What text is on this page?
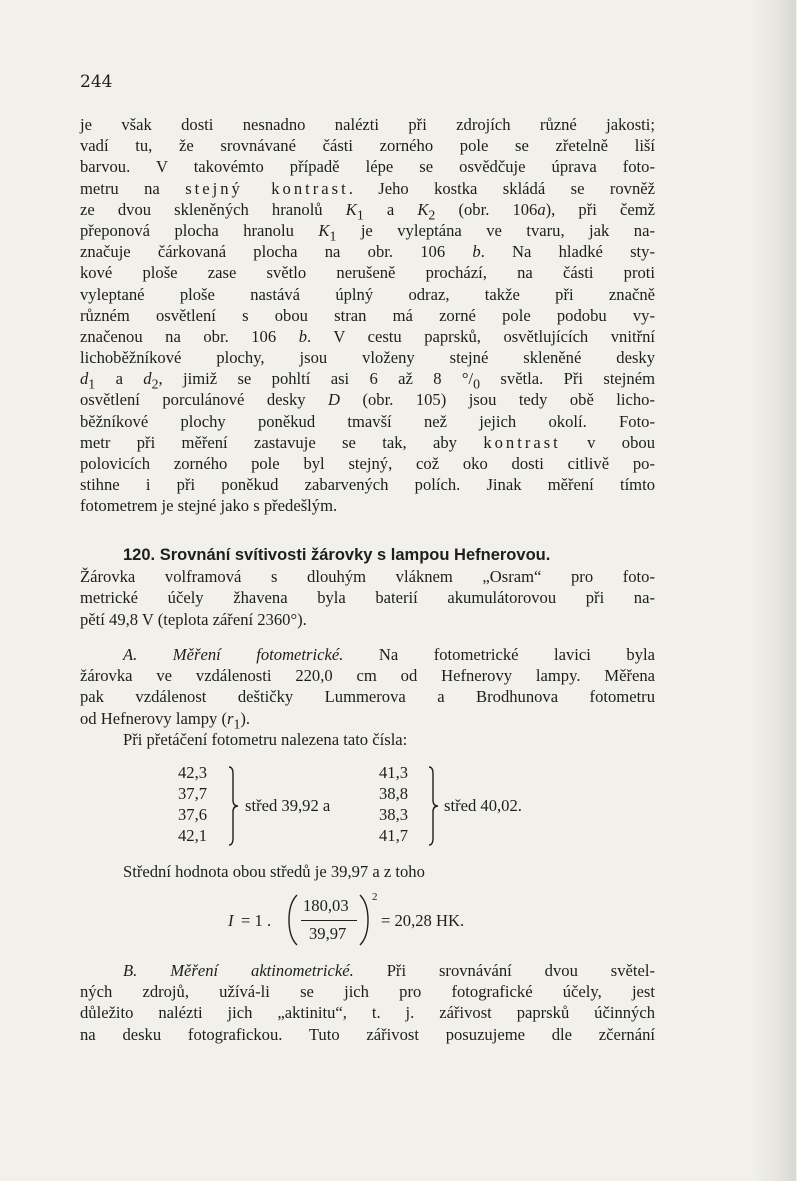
244
je však dosti nesnadno nalézti při zdrojích různé jakosti;
vadí tu, že srovnávané části zorného pole se zřetelně liší
barvou. V takovémto případě lépe se osvědčuje úprava foto-
metru na stejný kontrast. Jeho kostka skládá se rovněž
ze dvou skleněných hranolů $K_1$ a $K_2$ (obr. 106a), při čemž
přeponová plocha hranolu $K_1$ je vyleptána ve tvaru, jak na-
značuje čárkovaná plocha na obr. 106 b. Na hladké sty-
kové ploše zase světlo nerušeně prochází, na části proti
vyleptané ploše nastává úplný odraz, takže při značně
různém osvětlení s obou stran má zorné pole podobu vy-
značenou na obr. 106 b. V cestu paprsků, osvětlujících vnitřní
lichoběžníkové plochy, jsou vloženy stejné skleněné desky
$d_1$ a $d_2$, jimiž se pohltí asi 6 až 8 $^\circ/_0$ světla. Při stejném
osvětlení porculánové desky D (obr. 105) jsou tedy obě licho-
běžníkové plochy poněkud tmavší než jejich okolí. Foto-
metr při měření zastavuje se tak, aby kontrast v obou
polovicích zorného pole byl stejný, což oko dosti citlivě po-
stihne i při poněkud zabarvených polích. Jinak měření tímto
fotometrem je stejné jako s předešlým.
120. Srovnání svítivosti žárovky s lampou Hefnerovou.
Žárovka volframová s dlouhým vláknem „Osram“ pro foto-
metrické účely žhavena byla baterií akumulátorovou při na-
pětí 49,8 V (teplota záření 2360°).
A. Měření fotometrické. Na fotometrické lavici byla
žárovka ve vzdálenosti 220,0 cm od Hefnerovy lampy. Měřena
pak vzdálenost deštičky Lummerova a Brodhunova fotometru
od Hefnerovy lampy $(r_1)$.
Při přetáčení fotometru nalezena tato čísla:
42,3
37,7
37,6
42,1
střed 39,92 a
41,3
38,8
38,3
41,7
střed 40,02.
Střední hodnota obou středů je 39,97 a z toho
I = 1 .
180,03
39,97
2
= 20,28 HK.
B. Měření aktinometrické. Při srovnávání dvou světel-
ných zdrojů, užívá-li se jich pro fotografické účely, jest
důležito nalézti jich „aktinitu“, t. j. zářivost paprsků účinných
na desku fotografickou. Tuto zářivost posuzujeme dle zčernání
